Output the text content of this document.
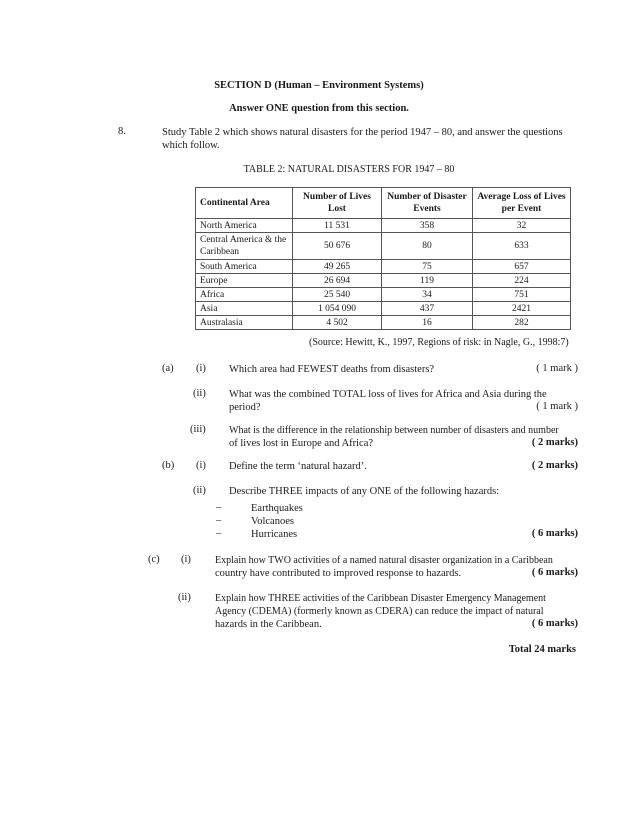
SECTION D (Human – Environment Systems)
Answer ONE question from this section.
8.	Study Table 2 which shows natural disasters for the period 1947 – 80, and answer the questions
which follow.
TABLE 2: NATURAL DISASTERS FOR 1947 – 80
Continental Area	Number of Lives Lost	Number of Disaster Events	Average Loss of Lives per Event
North America	11 531	358	32
Central America & the Caribbean	50 676	80	633
South America	49 265	75	657
Europe	26 694	119	224
Africa	25 540	34	751
Asia	1 054 090	437	2421
Australasia	4 502	16	282
(Source: Hewitt, K., 1997, Regions of risk: in Nagle, G., 1998:7)
(a) (i) Which area had FEWEST deaths from disasters?	( 1 mark )
(ii) What was the combined TOTAL loss of lives for Africa and Asia during the
period?	( 1 mark )
(iii) What is the difference in the relationship between number of disasters and number
of lives lost in Europe and Africa?	( 2 marks)
(b) (i) Define the term ‘natural hazard’.	( 2 marks)
(ii) Describe THREE impacts of any ONE of the following hazards:
–	Earthquakes
–	Volcanoes
–	Hurricanes	( 6 marks)
(c) (i) Explain how TWO activities of a named natural disaster organization in a Caribbean
country have contributed to improved response to hazards.	( 6 marks)
(ii) Explain how THREE activities of the Caribbean Disaster Emergency Management
Agency (CDEMA) (formerly known as CDERA) can reduce the impact of natural
hazards in the Caribbean.	( 6 marks)
Total 24 marks
